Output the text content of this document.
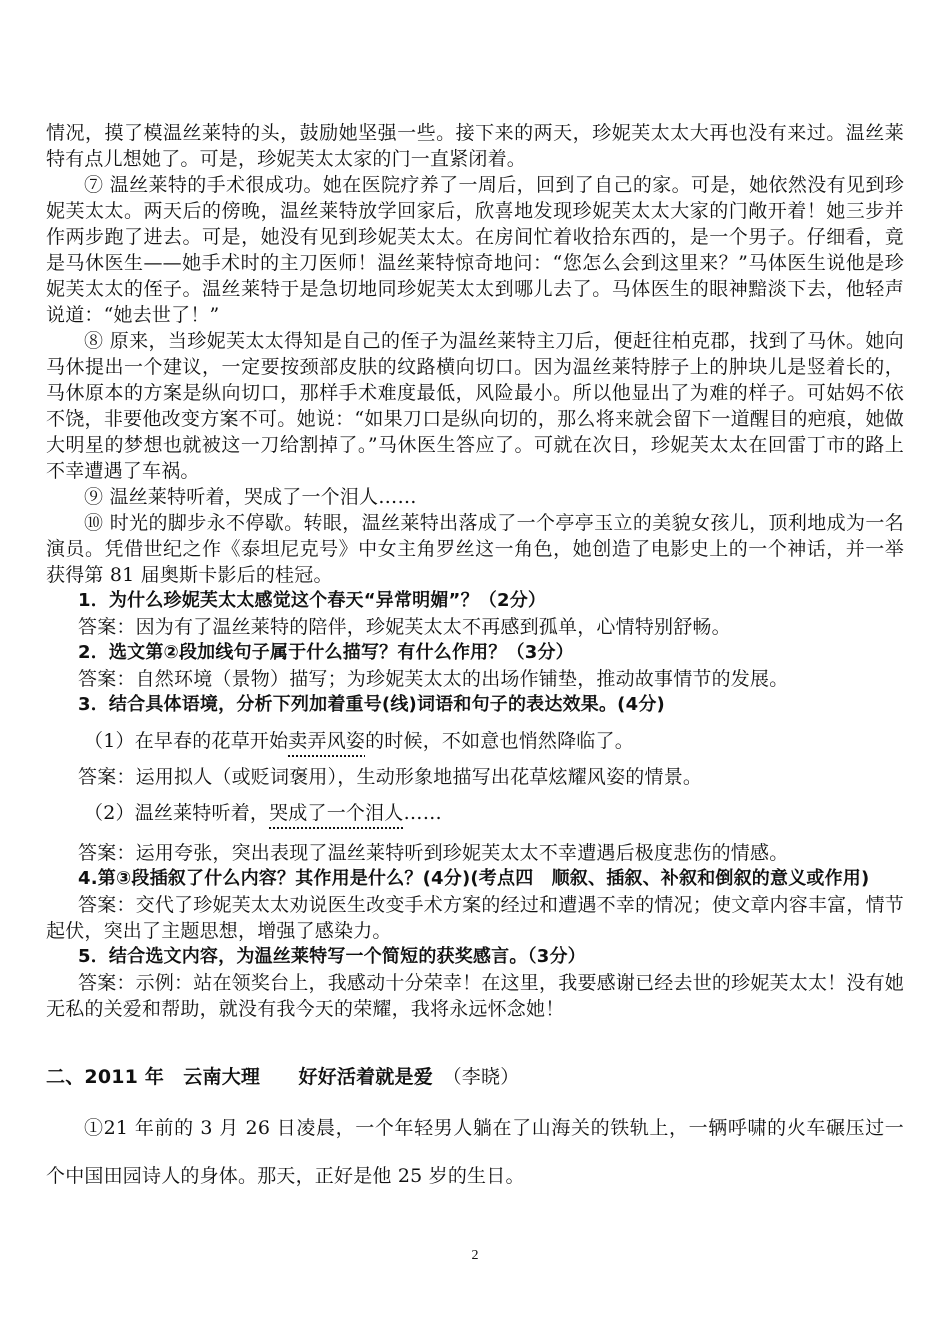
情况，摸了模温丝莱特的头，鼓励她坚强一些。接下来的两天，珍妮芙太太大再也没有来过。温丝莱特有点儿想她了。可是，珍妮芙太太家的门一直紧闭着。

⑦ 温丝莱特的手术很成功。她在医院疗养了一周后，回到了自己的家。可是，她依然没有见到珍妮芙太太。两天后的傍晚，温丝莱特放学回家后，欣喜地发现珍妮芙太太大家的门敞开着！她三步并作两步跑了进去。可是，她没有见到珍妮芙太太。在房间忙着收拾东西的，是一个男子。仔细看，竟是马休医生——她手术时的主刀医师！温丝莱特惊奇地问：“您怎么会到这里来？”马体医生说他是珍妮芙太太的侄子。温丝莱特于是急切地同珍妮芙太太到哪儿去了。马体医生的眼神黯淡下去，他轻声说道：“她去世了！”

⑧ 原来，当珍妮芙太太得知是自己的侄子为温丝莱特主刀后，便赶往柏克郡，找到了马休。她向马休提出一个建议，一定要按颈部皮肤的纹路横向切口。因为温丝莱特脖子上的肿块儿是竖着长的，马休原本的方案是纵向切口，那样手术难度最低，风险最小。所以他显出了为难的样子。可姑妈不依不饶，非要他改变方案不可。她说：“如果刀口是纵向切的，那么将来就会留下一道醒目的疤痕，她做大明星的梦想也就被这一刀给割掉了。”马休医生答应了。可就在次日，珍妮芙太太在回雷丁市的路上不幸遭遇了车祸。

⑨ 温丝莱特听着，哭成了一个泪人……

⑩ 时光的脚步永不停歇。转眼，温丝莱特出落成了一个亭亭玉立的美貌女孩儿，顶利地成为一名演员。凭借世纪之作《泰坦尼克号》中女主角罗丝这一角色，她创造了电影史上的一个神话，并一举获得第 81 届奥斯卡影后的桂冠。

1．为什么珍妮芙太太感觉这个春天“异常明媚”？（2分）

答案：因为有了温丝莱特的陪伴，珍妮芙太太不再感到孤单，心情特别舒畅。

2．选文第②段加线句子属于什么描写？有什么作用？（3分）

答案：自然环境（景物）描写；为珍妮芙太太的出场作铺垫，推动故事情节的发展。

3．结合具体语境，分析下列加着重号(线)词语和句子的表达效果。(4分)

（1）在早春的花草开始卖弄风姿的时候，不如意也悄然降临了。

答案：运用拟人（或贬词褒用），生动形象地描写出花草炫耀风姿的情景。

（2）温丝莱特听着，哭成了一个泪人……

答案：运用夸张，突出表现了温丝莱特听到珍妮芙太太不幸遭遇后极度悲伤的情感。

4.第③段插叙了什么内容？其作用是什么？(4分)(考点四　顺叙、插叙、补叙和倒叙的意义或作用)

答案：交代了珍妮芙太太劝说医生改变手术方案的经过和遭遇不幸的情况；使文章内容丰富，情节起伏，突出了主题思想，增强了感染力。

5．结合选文内容，为温丝莱特写一个简短的获奖感言。（3分）

答案：示例：站在领奖台上，我感动十分荣幸！在这里，我要感谢已经去世的珍妮芙太太！没有她无私的关爱和帮助，就没有我今天的荣耀，我将永远怀念她！

二、2011 年　云南大理　　好好活着就是爱　（李晓）

①21 年前的 3 月 26 日凌晨，一个年轻男人躺在了山海关的铁轨上，一辆呼啸的火车碾压过一个中国田园诗人的身体。那天，正好是他 25 岁的生日。

2
